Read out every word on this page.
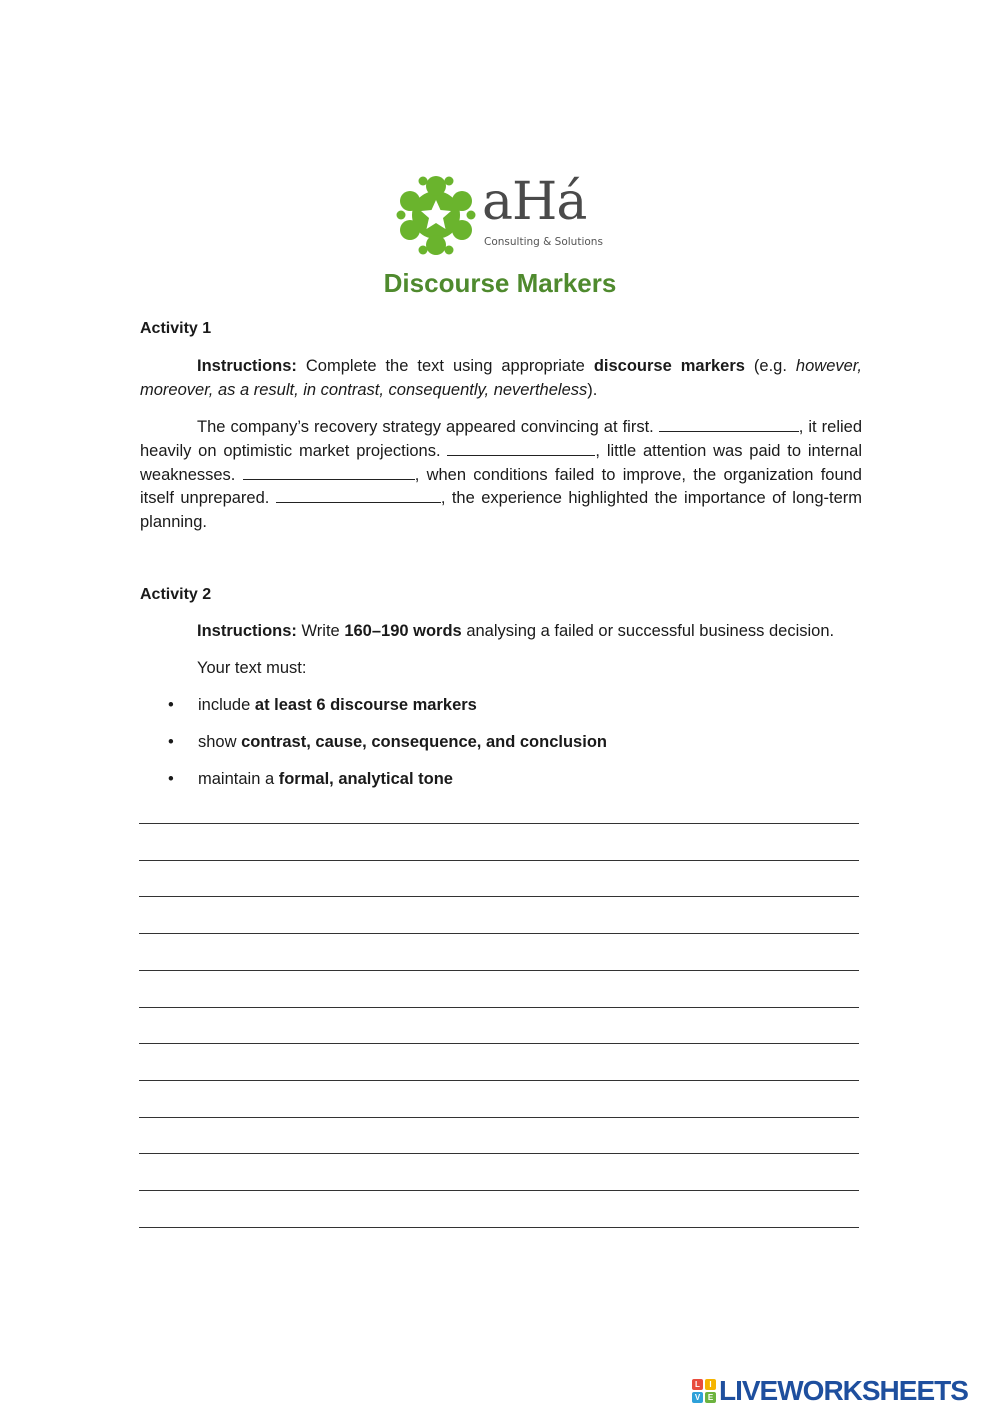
aHá
Consulting & Solutions
Discourse Markers
Activity 1

Instructions: Complete the text using appropriate discourse markers (e.g. however, moreover, as a result, in contrast, consequently, nevertheless).

The company’s recovery strategy appeared convincing at first.	, it relied heavily on optimistic market projections.	, little attention was paid to internal weaknesses.	, when conditions failed to improve, the organization found itself unprepared.	, the experience highlighted the importance of long-term planning.

Activity 2
Instructions: Write 160–190 words analysing a failed or successful business decision.
Your text must:
• include at least 6 discourse markers
• show contrast, cause, consequence, and conclusion
• maintain a formal, analytical tone
L	I
V E LIVEWORKSHEETS
